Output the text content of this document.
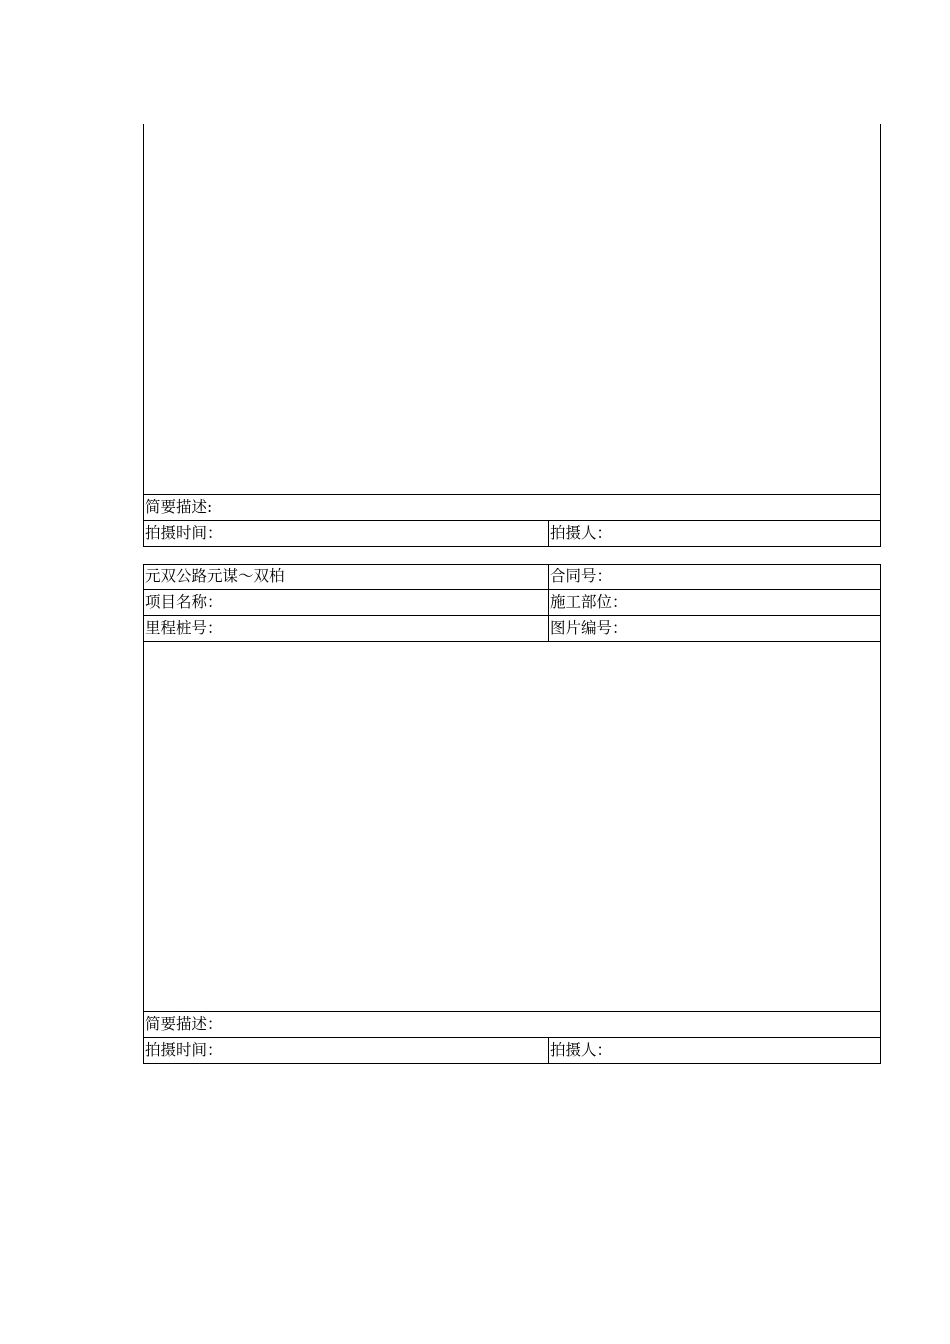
简要描述:
拍摄时间：	拍摄人：
元双公路元谋～双柏	合同号：
项目名称：	施工部位：
里程桩号：	图片编号：
简要描述：
拍摄时间：	拍摄人：
